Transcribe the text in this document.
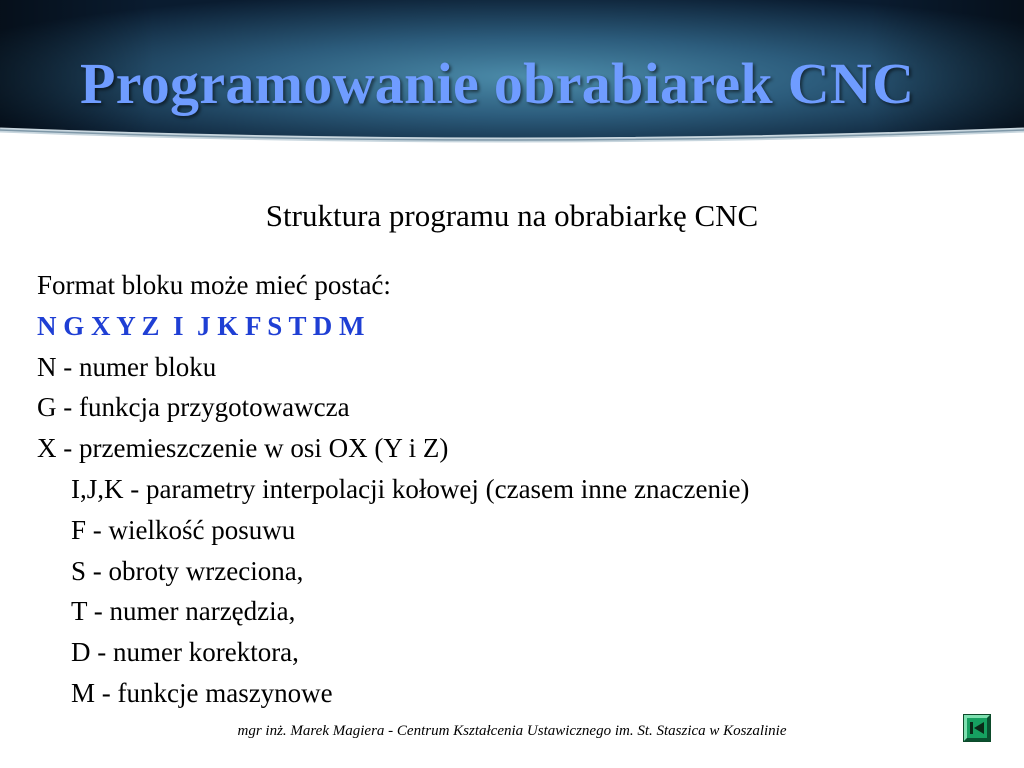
Programowanie obrabiarek CNC
Struktura programu na obrabiarkę CNC
Format bloku może mieć postać:
N G X Y Z  I  J K F S T D M
N - numer bloku
G - funkcja przygotowawcza
X - przemieszczenie w osi OX (Y i Z)
I,J,K - parametry interpolacji kołowej (czasem inne znaczenie)
F - wielkość posuwu
S - obroty wrzeciona,
T - numer narzędzia,
D - numer korektora,
M - funkcje maszynowe
mgr inż. Marek Magiera - Centrum Kształcenia Ustawicznego im. St. Staszica w Koszalinie
